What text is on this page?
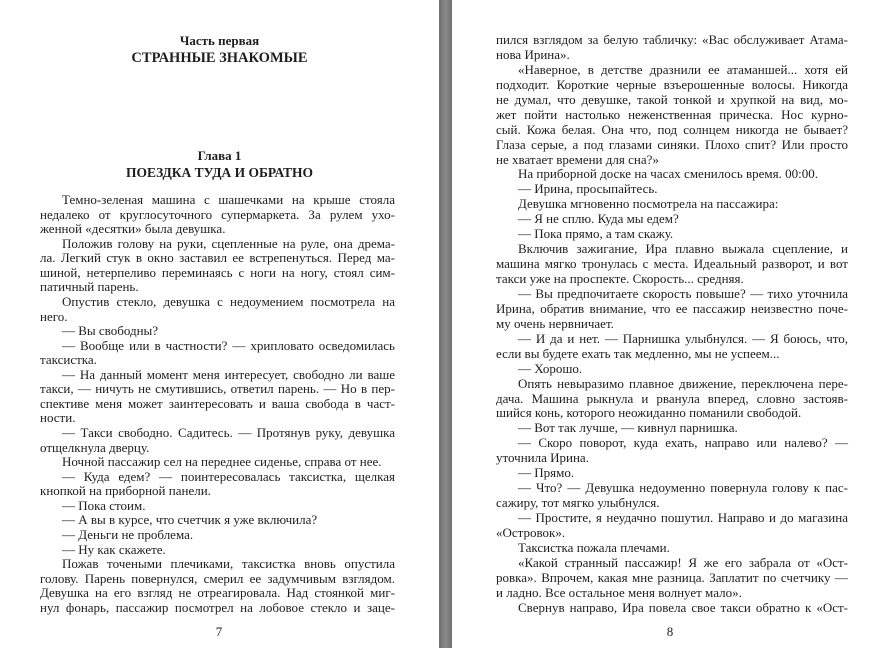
Часть первая
СТРАННЫЕ ЗНАКОМЫЕ
Глава 1
ПОЕЗДКА ТУДА И ОБРАТНО
Темно-зеленая машина с шашечками на крыше стояла
недалеко от круглосуточного супермаркета. За рулем ухо-
женной «десятки» была девушка.
Положив голову на руки, сцепленные на руле, она дрема-
ла. Легкий стук в окно заставил ее встрепенуться. Перед ма-
шиной, нетерпеливо переминаясь с ноги на ногу, стоял сим-
патичный парень.
Опустив стекло, девушка с недоумением посмотрела на
него.
— Вы свободны?
— Вообще или в частности? — хрипловато осведомилась
таксистка.
— На данный момент меня интересует, свободно ли ваше
такси, — ничуть не смутившись, ответил парень. — Но в пер-
спективе меня может заинтересовать и ваша свобода в част-
ности.
— Такси свободно. Садитесь. — Протянув руку, девушка
отщелкнула дверцу.
Ночной пассажир сел на переднее сиденье, справа от нее.
— Куда едем? — поинтересовалась таксистка, щелкая
кнопкой на приборной панели.
— Пока стоим.
— А вы в курсе, что счетчик я уже включила?
— Деньги не проблема.
— Ну как скажете.
Пожав точеными плечиками, таксистка вновь опустила
голову. Парень повернулся, смерил ее задумчивым взглядом.
Девушка на его взгляд не отреагировала. Над стоянкой миг-
нул фонарь, пассажир посмотрел на лобовое стекло и заце-
7
пился взглядом за белую табличку: «Вас обслуживает Атама-
нова Ирина».
«Наверное, в детстве дразнили ее атаманшей... хотя ей
подходит. Короткие черные взъерошенные волосы. Никогда
не думал, что девушке, такой тонкой и хрупкой на вид, мо-
жет пойти настолько неженственная прическа. Нос курно-
сый. Кожа белая. Она что, под солнцем никогда не бывает?
Глаза серые, а под глазами синяки. Плохо спит? Или просто
не хватает времени для сна?»
На приборной доске на часах сменилось время. 00:00.
— Ирина, просыпайтесь.
Девушка мгновенно посмотрела на пассажира:
— Я не сплю. Куда мы едем?
— Пока прямо, а там скажу.
Включив зажигание, Ира плавно выжала сцепление, и
машина мягко тронулась с места. Идеальный разворот, и вот
такси уже на проспекте. Скорость... средняя.
— Вы предпочитаете скорость повыше? — тихо уточнила
Ирина, обратив внимание, что ее пассажир неизвестно поче-
му очень нервничает.
— И да и нет. — Парнишка улыбнулся. — Я боюсь, что,
если вы будете ехать так медленно, мы не успеем...
— Хорошо.
Опять невыразимо плавное движение, переключена пере-
дача. Машина рыкнула и рванула вперед, словно застояв-
шийся конь, которого неожиданно поманили свободой.
— Вот так лучше, — кивнул парнишка.
— Скоро поворот, куда ехать, направо или налево? —
уточнила Ирина.
— Прямо.
— Что? — Девушка недоуменно повернула голову к пас-
сажиру, тот мягко улыбнулся.
— Простите, я неудачно пошутил. Направо и до магазина
«Островок».
Таксистка пожала плечами.
«Какой странный пассажир! Я же его забрала от «Ост-
ровка». Впрочем, какая мне разница. Заплатит по счетчику —
и ладно. Все остальное меня волнует мало».
Свернув направо, Ира повела свое такси обратно к «Ост-
8
